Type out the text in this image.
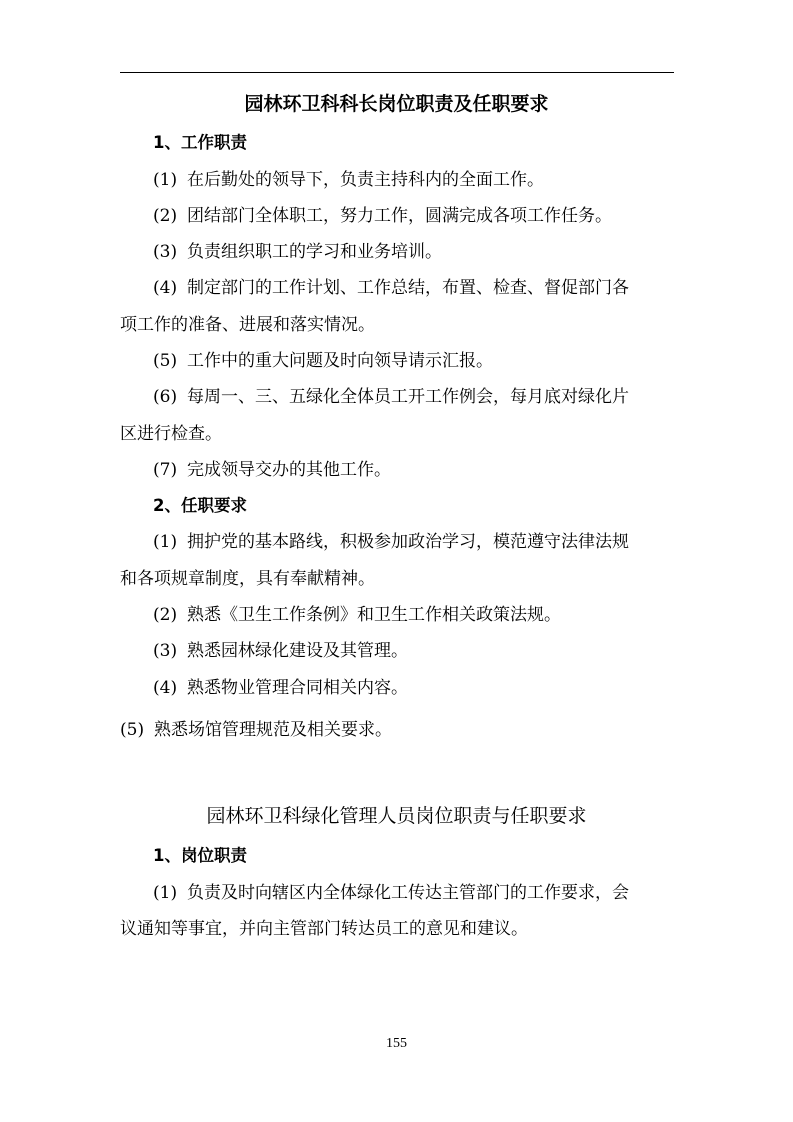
园林环卫科科长岗位职责及任职要求
1、工作职责
(1) 在后勤处的领导下，负责主持科内的全面工作。
(2) 团结部门全体职工，努力工作，圆满完成各项工作任务。
(3) 负责组织职工的学习和业务培训。
(4) 制定部门的工作计划、工作总结，布置、检查、督促部门各
项工作的准备、进展和落实情况。
(5) 工作中的重大问题及时向领导请示汇报。
(6) 每周一、三、五绿化全体员工开工作例会，每月底对绿化片
区进行检查。
(7) 完成领导交办的其他工作。
2、任职要求
(1) 拥护党的基本路线，积极参加政治学习，模范遵守法律法规
和各项规章制度，具有奉献精神。
(2) 熟悉《卫生工作条例》和卫生工作相关政策法规。
(3) 熟悉园林绿化建设及其管理。
(4) 熟悉物业管理合同相关内容。
(5) 熟悉场馆管理规范及相关要求。
园林环卫科绿化管理人员岗位职责与任职要求
1、岗位职责
(1) 负责及时向辖区内全体绿化工传达主管部门的工作要求，会
议通知等事宜，并向主管部门转达员工的意见和建议。
155
